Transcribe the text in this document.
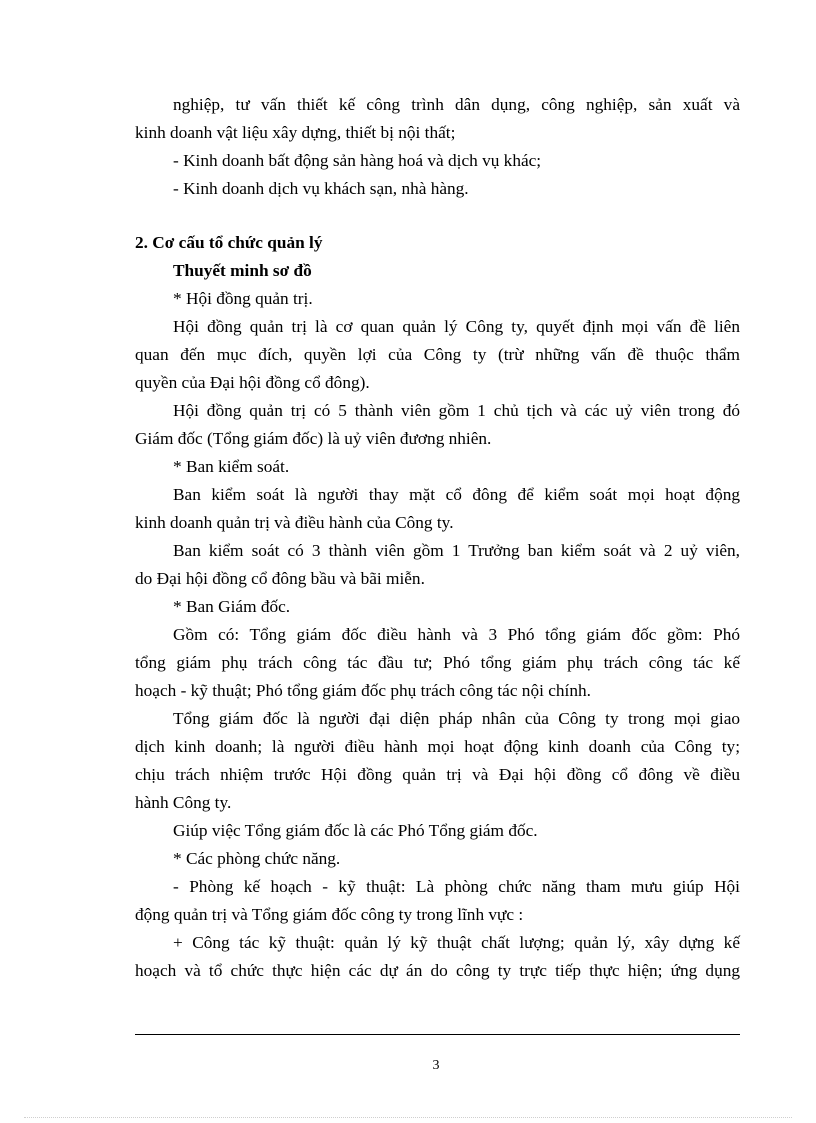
nghiệp, tư vấn thiết kế công trình dân dụng, công nghiệp, sản xuất và
kinh doanh vật liệu xây dựng, thiết bị nội thất;
- Kinh doanh bất động sản hàng hoá và dịch vụ khác;
- Kinh doanh dịch vụ khách sạn, nhà hàng.
2. Cơ cấu tổ chức quản lý
Thuyết minh sơ đồ
* Hội đồng quản trị.
Hội đồng quản trị là cơ quan quản lý Công ty, quyết định mọi vấn đề liên
quan đến mục đích, quyền lợi của Công ty (trừ những vấn đề thuộc thẩm
quyền của Đại hội đồng cổ đông).
Hội đồng quản trị có 5 thành viên gồm 1 chủ tịch và các uỷ viên trong đó
Giám đốc (Tổng giám đốc) là uỷ viên đương nhiên.
* Ban kiểm soát.
Ban kiểm soát là người thay mặt cổ đông để kiểm soát mọi hoạt động
kinh doanh quản trị và điều hành của Công ty.
Ban kiểm soát có 3 thành viên gồm 1 Trưởng ban kiểm soát và 2 uỷ viên,
do Đại hội đồng cổ đông bầu và bãi miễn.
* Ban Giám đốc.
Gồm có: Tổng giám đốc điều hành và 3 Phó tổng giám đốc gồm: Phó
tổng giám phụ trách công tác đầu tư; Phó tổng giám phụ trách công tác kế
hoạch - kỹ thuật; Phó tổng giám đốc phụ trách công tác nội chính.
Tổng giám đốc là người đại diện pháp nhân của Công ty trong mọi giao
dịch kinh doanh; là người điều hành mọi hoạt động kinh doanh của Công ty;
chịu trách nhiệm trước Hội đồng quản trị và Đại hội đồng cổ đông về điều
hành Công ty.
Giúp việc Tổng giám đốc là các Phó Tổng giám đốc.
* Các phòng chức năng.
- Phòng kế hoạch - kỹ thuật: Là phòng chức năng tham mưu giúp Hội
động quản trị và Tổng giám đốc công ty trong lĩnh vực :
+ Công tác kỹ thuật: quản lý kỹ thuật chất lượng; quản lý, xây dựng kế
hoạch và tổ chức thực hiện các dự án do công ty trực tiếp thực hiện; ứng dụng
3
